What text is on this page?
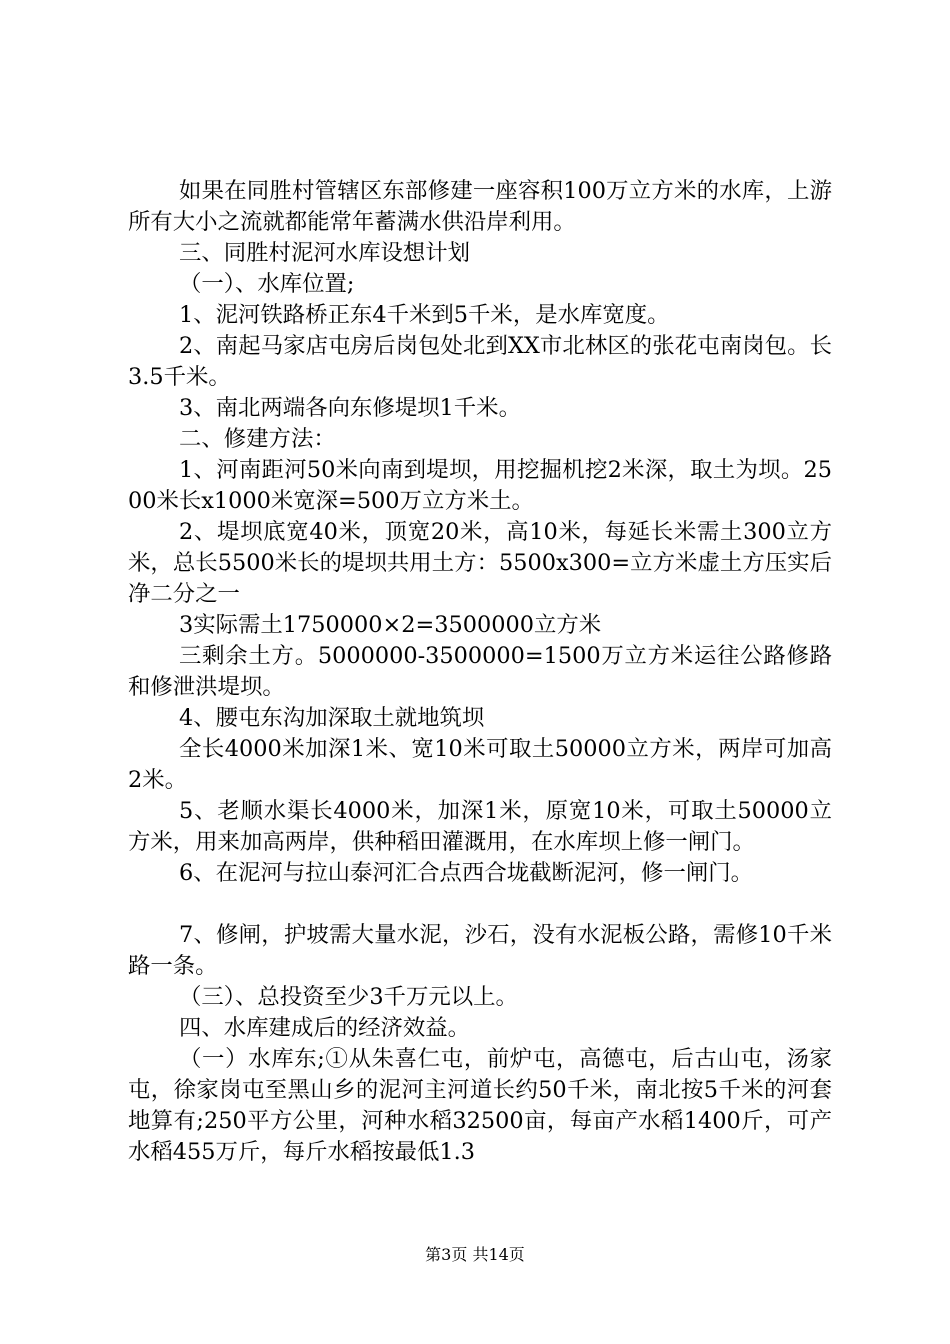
如果在同胜村管辖区东部修建一座容积100万立方米的水库，上游所有大小之流就都能常年蓄满水供沿岸利用。

三、同胜村泥河水库设想计划

（一）、水库位置;

1、泥河铁路桥正东4千米到5千米，是水库宽度。

2、南起马家店屯房后岗包处北到XX市北林区的张花屯南岗包。长3.5千米。

3、南北两端各向东修堤坝1千米。

二、修建方法：

1、河南距河50米向南到堤坝，用挖掘机挖2米深，取土为坝。2500米长x1000米宽深=500万立方米土。

2、堤坝底宽40米，顶宽20米，高10米，每延长米需土300立方米，总长5500米长的堤坝共用土方：5500x300=立方米虚土方压实后净二分之一

3实际需土1750000×2=3500000立方米

三剩余土方。5000000-3500000=1500万立方米运往公路修路和修泄洪堤坝。

4、腰屯东沟加深取土就地筑坝

全长4000米加深1米、宽10米可取土50000立方米，两岸可加高2米。

5、老顺水渠长4000米，加深1米，原宽10米，可取土50000立方米，用来加高两岸，供种稻田灌溉用，在水库坝上修一闸门。

6、在泥河与拉山泰河汇合点西合垅截断泥河，修一闸门。

7、修闸，护坡需大量水泥，沙石，没有水泥板公路，需修10千米路一条。

（三）、总投资至少3千万元以上。

四、水库建成后的经济效益。

（一）水库东;①从朱喜仁屯，前炉屯，高德屯，后古山屯，汤家屯，徐家岗屯至黑山乡的泥河主河道长约50千米，南北按5千米的河套地算有;250平方公里，河种水稻32500亩，每亩产水稻1400斤，可产水稻455万斤，每斤水稻按最低1.3

第3页 共14页
